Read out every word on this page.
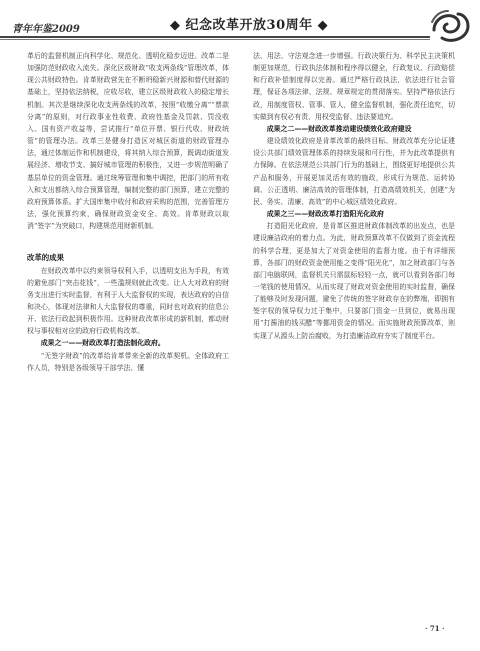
青年年鉴2009	◆ 纪念改革开放30周年 ◆

革后的监督机制正向科学化、规范化、透明化稳步迈进。改革二是加强防范财政收入流失。深化区级财政“收支两条线”管理改革，体现公共财政特色。肯革财政营先在不断坍稳新兴财源和替代财源的基础上，坚持依法纳税，应收尽收，建立区级财政收入的稳定增长机制。其次是继续深化收支两条线的改革，按照“收缴分离”“票款分离”的原则，对行政事业性收费、政府性基金及罚款、罚没收入、国有资产收益等，尝试推行“单位开票、银行代收、财政统管”的管理办法。改革三是健身打造区对城区街道的财政管理办法，通过体制运作和机制建设，将其纳入综合预算，既调动街道发展经济、增收节支、搞好城市管理的积极性，又进一步规范明确了基层单位的资金管理。通过统筹管理和集中调控，把部门的所有收入和支出都纳入综合预算管理，编制完整的部门预算，建立完整的政府预算体系。扩大国库集中收付和政府采购的范围，完善管理方法，强化预算约束，确保财政资金安全、高效。肯革财政以取消“签字”为突破口，构建规范用财新机制。

改革的成果

在财政改革中以约束领导权利入手，以透明支出为手段，有效的避免部门“突击花钱”，一些滥规则就此改变。让人大对政府的财务支出进行实时监督，有利于人大监督权的实现，表达政府的自信和决心，体现对法律和人大监督权的尊重，同时也对政府的信息公开、依法行政起到积极作用。这种财政改革形成的新机制，都动财权与事权相对应的政府行政机构改革。

成果之一——财政改革打造法制化政府。

“无签字财政”的改革给肯革带来全新的改革契机。全体政府工作人员，特别是各级领导干部学法、懂

法、用法、守法观念进一步增强。行政决策行为、科学民主决策机制更加规范，行政执法体制和程序得以健全，行政复议、行政赔偿和行政补偿制度得以完善。通过严格行政执法，依法进行社会管理，保证各项法律、法规、规章规定的贯彻落实。坚持严格依法行政，用制度管权、管事、管人，健全监督机制，强化责任追究，切实做到有权必有责、用权受监督、违法要追究。

成果之二——财政改革推动建设绩效化政府建设

建设绩效化政府是肯革改革的最终目标。财政改革充分论证建设公共部门绩效管理体系的持续发展和可行性，并为此改革提供有力保障。在依法规范公共部门行为的基础上，围绕更好地提供公共产品和服务，开展更加灵活有效的施政，形成行为规范、运转协调、公正透明、廉洁高效的管理体制，打造高绩效机关，创建“为民、务实、清廉、高效”的中心城区绩效化政府。

成果之三——财政改革打造阳光化政府

打造阳光化政府，是肯革区推进财政体制改革的出发点，也是建设廉洁政府的着力点。为此，财政预算改革不仅做到了资金流程的科学合理，更是加大了对资金使用的监督力度。由于有详细预算，各部门的财政资金使用能之变得“阳光化”，加之财政部门与各部门电脑联网，监督机关只需鼠标轻轻一点，就可以看到各部门每一笔钱的使用情况，从而实现了财政对资金使用的实时监督，确保了能够及时发现问题，避免了传统的签字财政存在的弊端，即拥有签字权的领导权力过于集中，只要部门资金一旦到位，就易出现用“打酱油的钱买醋”等挪用资金的情况。而实施财政预算改革，则实现了从源头上防治腐败，为打造廉洁政府夯实了制度平台。

· 71 ·
